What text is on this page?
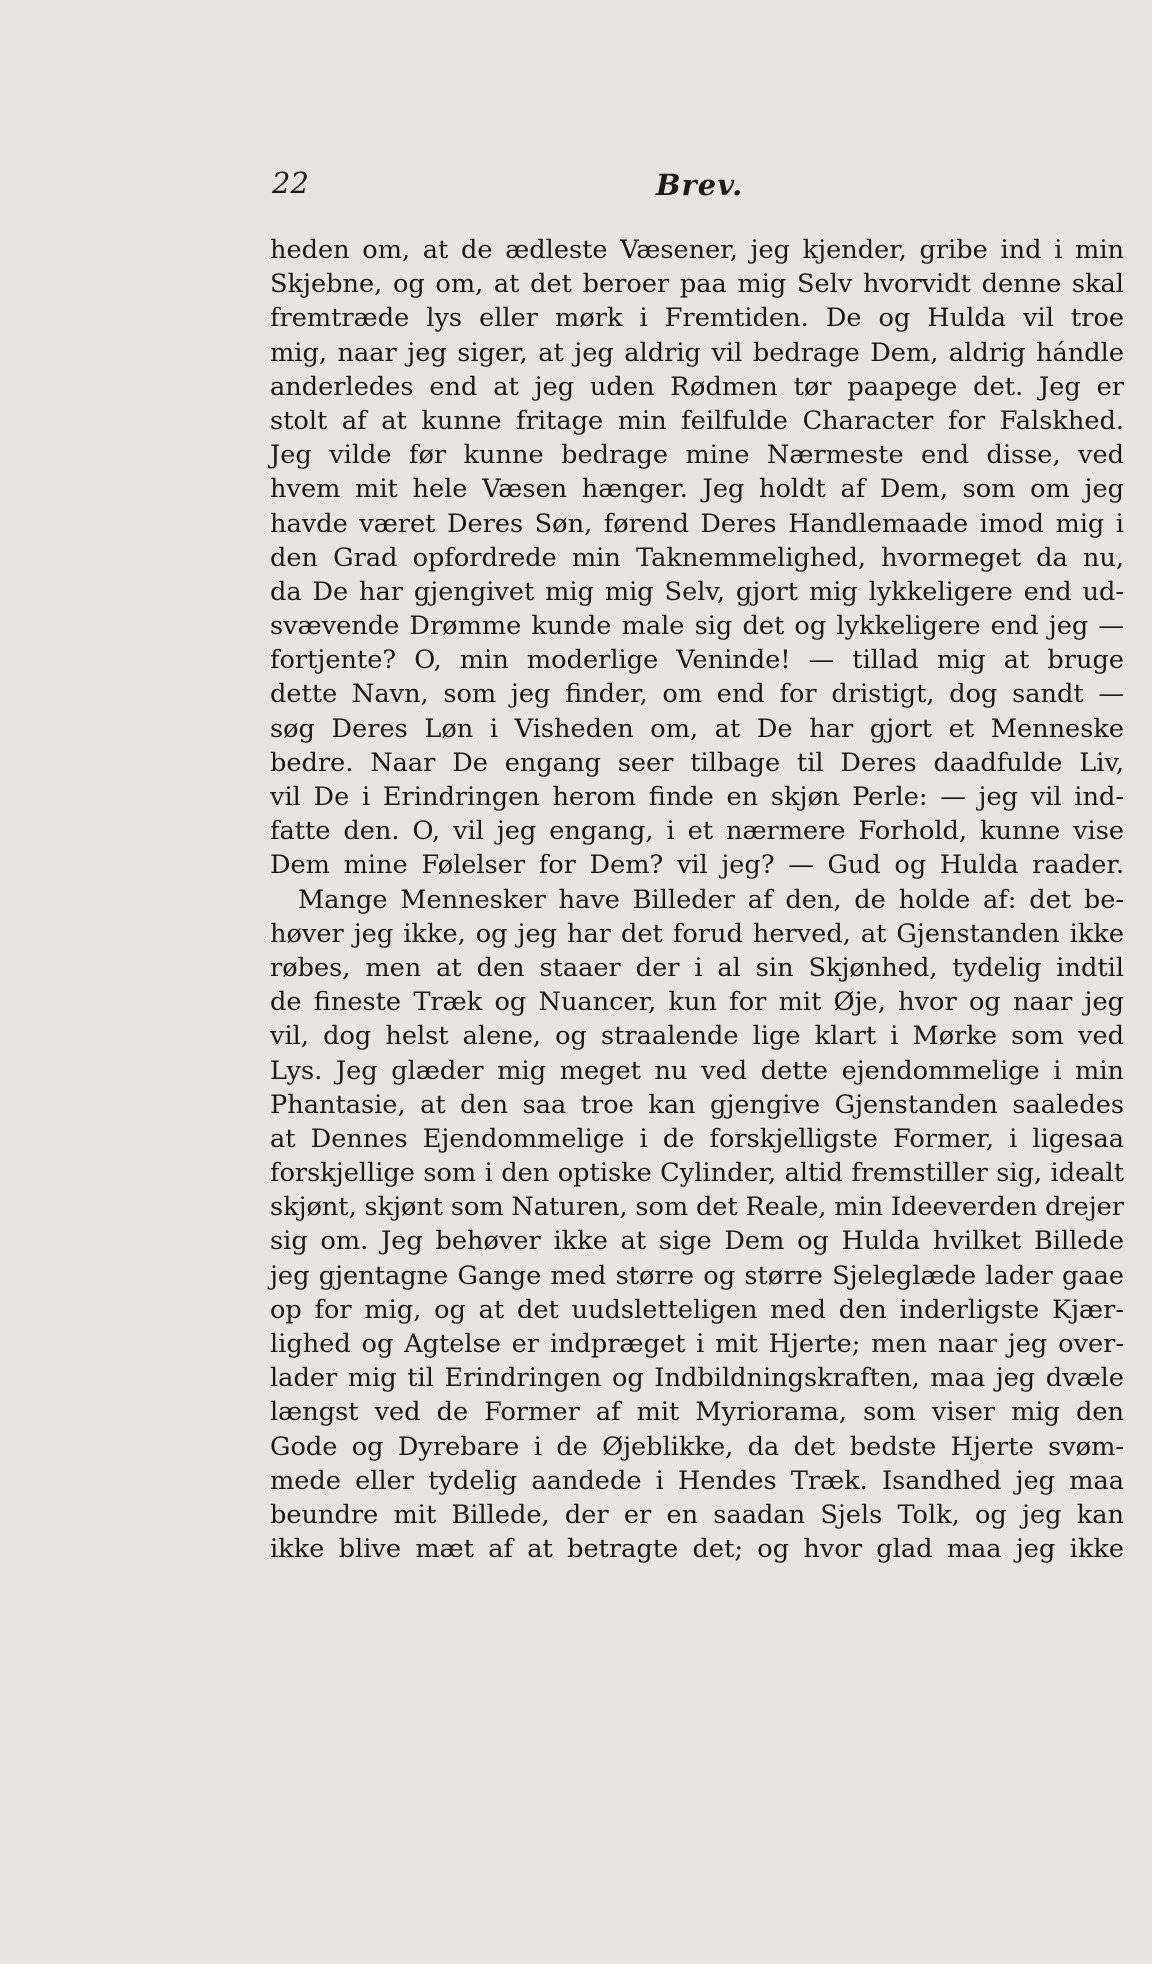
22	Brev.
heden om, at de ædleste Væsener, jeg kjender, gribe ind i min
Skjebne, og om, at det beroer paa mig Selv hvorvidt denne skal
fremtræde lys eller mørk i Fremtiden. De og Hulda vil troe
mig, naar jeg siger, at jeg aldrig vil bedrage Dem, aldrig hándle
anderledes end at jeg uden Rødmen tør paapege det. Jeg er
stolt af at kunne fritage min feilfulde Character for Falskhed.
Jeg vilde før kunne bedrage mine Nærmeste end disse, ved
hvem mit hele Væsen hænger. Jeg holdt af Dem, som om jeg
havde været Deres Søn, førend Deres Handlemaade imod mig i
den Grad opfordrede min Taknemmelighed, hvormeget da nu,
da De har gjengivet mig mig Selv, gjort mig lykkeligere end ud-
svævende Drømme kunde male sig det og lykkeligere end jeg —
fortjente? O, min moderlige Veninde! — tillad mig at bruge
dette Navn, som jeg finder, om end for dristigt, dog sandt —
søg Deres Løn i Visheden om, at De har gjort et Menneske
bedre. Naar De engang seer tilbage til Deres daadfulde Liv,
vil De i Erindringen herom finde en skjøn Perle: — jeg vil ind-
fatte den. O, vil jeg engang, i et nærmere Forhold, kunne vise
Dem mine Følelser for Dem? vil jeg? — Gud og Hulda raader.
Mange Mennesker have Billeder af den, de holde af: det be-
høver jeg ikke, og jeg har det forud herved, at Gjenstanden ikke
røbes, men at den staaer der i al sin Skjønhed, tydelig indtil
de fineste Træk og Nuancer, kun for mit Øje, hvor og naar jeg
vil, dog helst alene, og straalende lige klart i Mørke som ved
Lys. Jeg glæder mig meget nu ved dette ejendommelige i min
Phantasie, at den saa troe kan gjengive Gjenstanden saaledes
at Dennes Ejendommelige i de forskjelligste Former, i ligesaa
forskjellige som i den optiske Cylinder, altid fremstiller sig, idealt
skjønt, skjønt som Naturen, som det Reale, min Ideeverden drejer
sig om. Jeg behøver ikke at sige Dem og Hulda hvilket Billede
jeg gjentagne Gange med større og større Sjeleglæde lader gaae
op for mig, og at det uudsletteligen med den inderligste Kjær-
lighed og Agtelse er indpræget i mit Hjerte; men naar jeg over-
lader mig til Erindringen og Indbildningskraften, maa jeg dvæle
længst ved de Former af mit Myriorama, som viser mig den
Gode og Dyrebare i de Øjeblikke, da det bedste Hjerte svøm-
mede eller tydelig aandede i Hendes Træk. Isandhed jeg maa
beundre mit Billede, der er en saadan Sjels Tolk, og jeg kan
ikke blive mæt af at betragte det; og hvor glad maa jeg ikke
